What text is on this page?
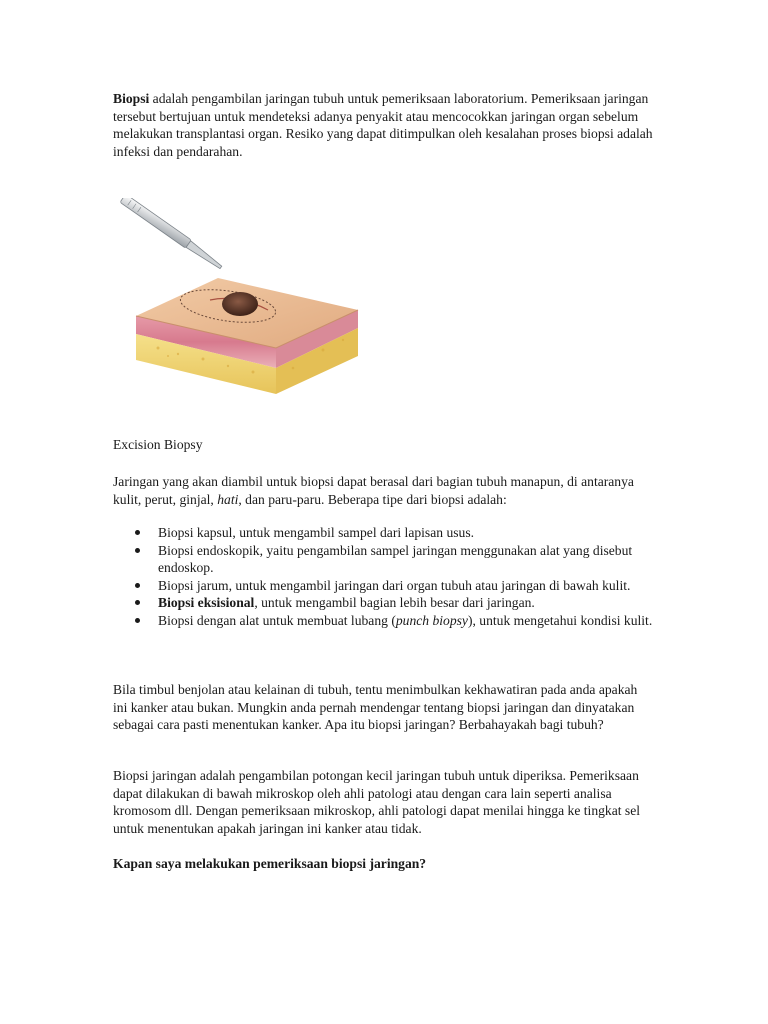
Biopsi adalah pengambilan jaringan tubuh untuk pemeriksaan laboratorium. Pemeriksaan jaringan tersebut bertujuan untuk mendeteksi adanya penyakit atau mencocokkan jaringan organ sebelum melakukan transplantasi organ. Resiko yang dapat ditimpulkan oleh kesalahan proses biopsi adalah infeksi dan pendarahan.

Excision Biopsy

Jaringan yang akan diambil untuk biopsi dapat berasal dari bagian tubuh manapun, di antaranya kulit, perut, ginjal, hati, dan paru-paru. Beberapa tipe dari biopsi adalah:

Biopsi kapsul, untuk mengambil sampel dari lapisan usus.
Biopsi endoskopik, yaitu pengambilan sampel jaringan menggunakan alat yang disebut endoskop.
Biopsi jarum, untuk mengambil jaringan dari organ tubuh atau jaringan di bawah kulit.
Biopsi eksisional, untuk mengambil bagian lebih besar dari jaringan.
Biopsi dengan alat untuk membuat lubang (punch biopsy), untuk mengetahui kondisi kulit.

Bila timbul benjolan atau kelainan di tubuh, tentu menimbulkan kekhawatiran pada anda apakah ini kanker atau bukan. Mungkin anda pernah mendengar tentang biopsi jaringan dan dinyatakan sebagai cara pasti menentukan kanker. Apa itu biopsi jaringan? Berbahayakah bagi tubuh?

Biopsi jaringan adalah pengambilan potongan kecil jaringan tubuh untuk diperiksa. Pemeriksaan dapat dilakukan di bawah mikroskop oleh ahli patologi atau dengan cara lain seperti analisa kromosom dll. Dengan pemeriksaan mikroskop, ahli patologi dapat menilai hingga ke tingkat sel untuk menentukan apakah jaringan ini kanker atau tidak.

Kapan saya melakukan pemeriksaan biopsi jaringan?
